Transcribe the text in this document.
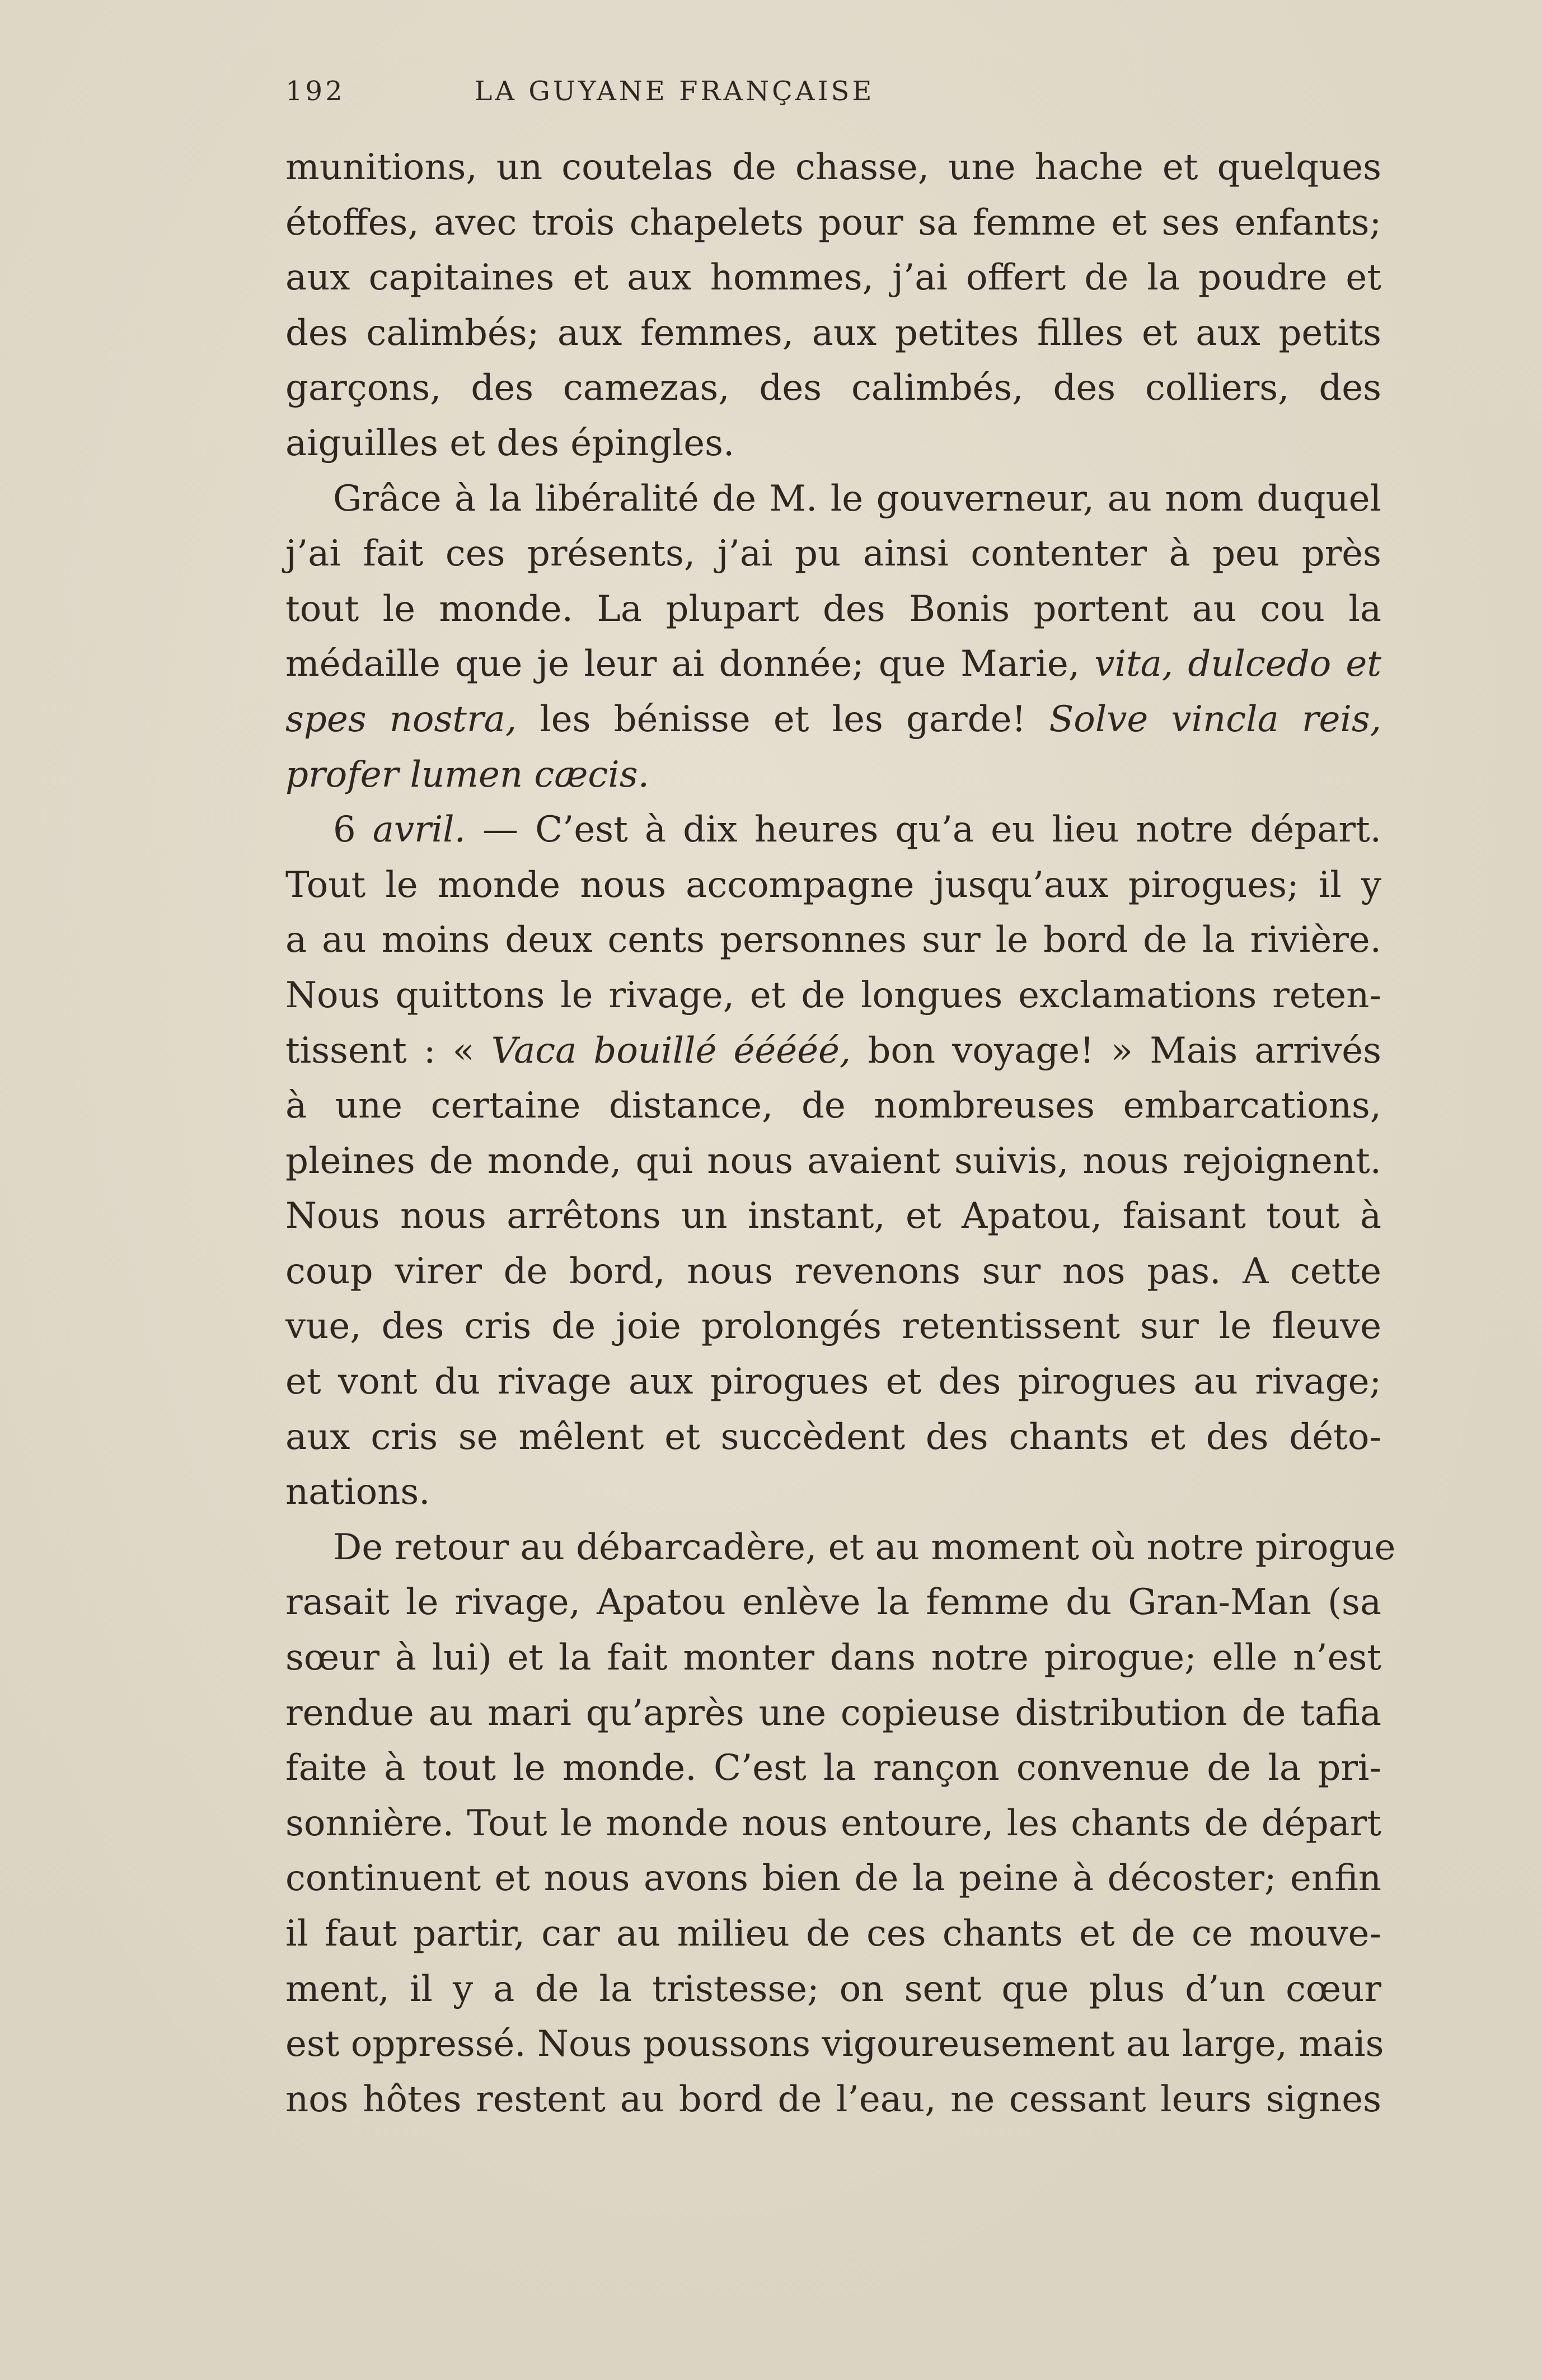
192	LA GUYANE FRANÇAISE
munitions, un coutelas de chasse, une hache et quelques
étoffes, avec trois chapelets pour sa femme et ses enfants;
aux capitaines et aux hommes, j’ai offert de la poudre et
des calimbés; aux femmes, aux petites filles et aux petits
garçons, des camezas, des calimbés, des colliers, des
aiguilles et des épingles.
Grâce à la libéralité de M. le gouverneur, au nom duquel
j’ai fait ces présents, j’ai pu ainsi contenter à peu près
tout le monde. La plupart des Bonis portent au cou la
médaille que je leur ai donnée; que Marie, vita, dulcedo et
spes nostra, les bénisse et les garde! Solve vincla reis,
profer lumen cæcis.
6 avril. — C’est à dix heures qu’a eu lieu notre départ.
Tout le monde nous accompagne jusqu’aux pirogues; il y
a au moins deux cents personnes sur le bord de la rivière.
Nous quittons le rivage, et de longues exclamations reten-
tissent : « Vaca bouillé ééééé, bon voyage! » Mais arrivés
à une certaine distance, de nombreuses embarcations,
pleines de monde, qui nous avaient suivis, nous rejoignent.
Nous nous arrêtons un instant, et Apatou, faisant tout à
coup virer de bord, nous revenons sur nos pas. A cette
vue, des cris de joie prolongés retentissent sur le fleuve
et vont du rivage aux pirogues et des pirogues au rivage;
aux cris se mêlent et succèdent des chants et des déto-
nations.
De retour au débarcadère, et au moment où notre pirogue
rasait le rivage, Apatou enlève la femme du Gran-Man (sa
sœur à lui) et la fait monter dans notre pirogue; elle n’est
rendue au mari qu’après une copieuse distribution de tafia
faite à tout le monde. C’est la rançon convenue de la pri-
sonnière. Tout le monde nous entoure, les chants de départ
continuent et nous avons bien de la peine à décoster; enfin
il faut partir, car au milieu de ces chants et de ce mouve-
ment, il y a de la tristesse; on sent que plus d’un cœur
est oppressé. Nous poussons vigoureusement au large, mais
nos hôtes restent au bord de l’eau, ne cessant leurs signes
